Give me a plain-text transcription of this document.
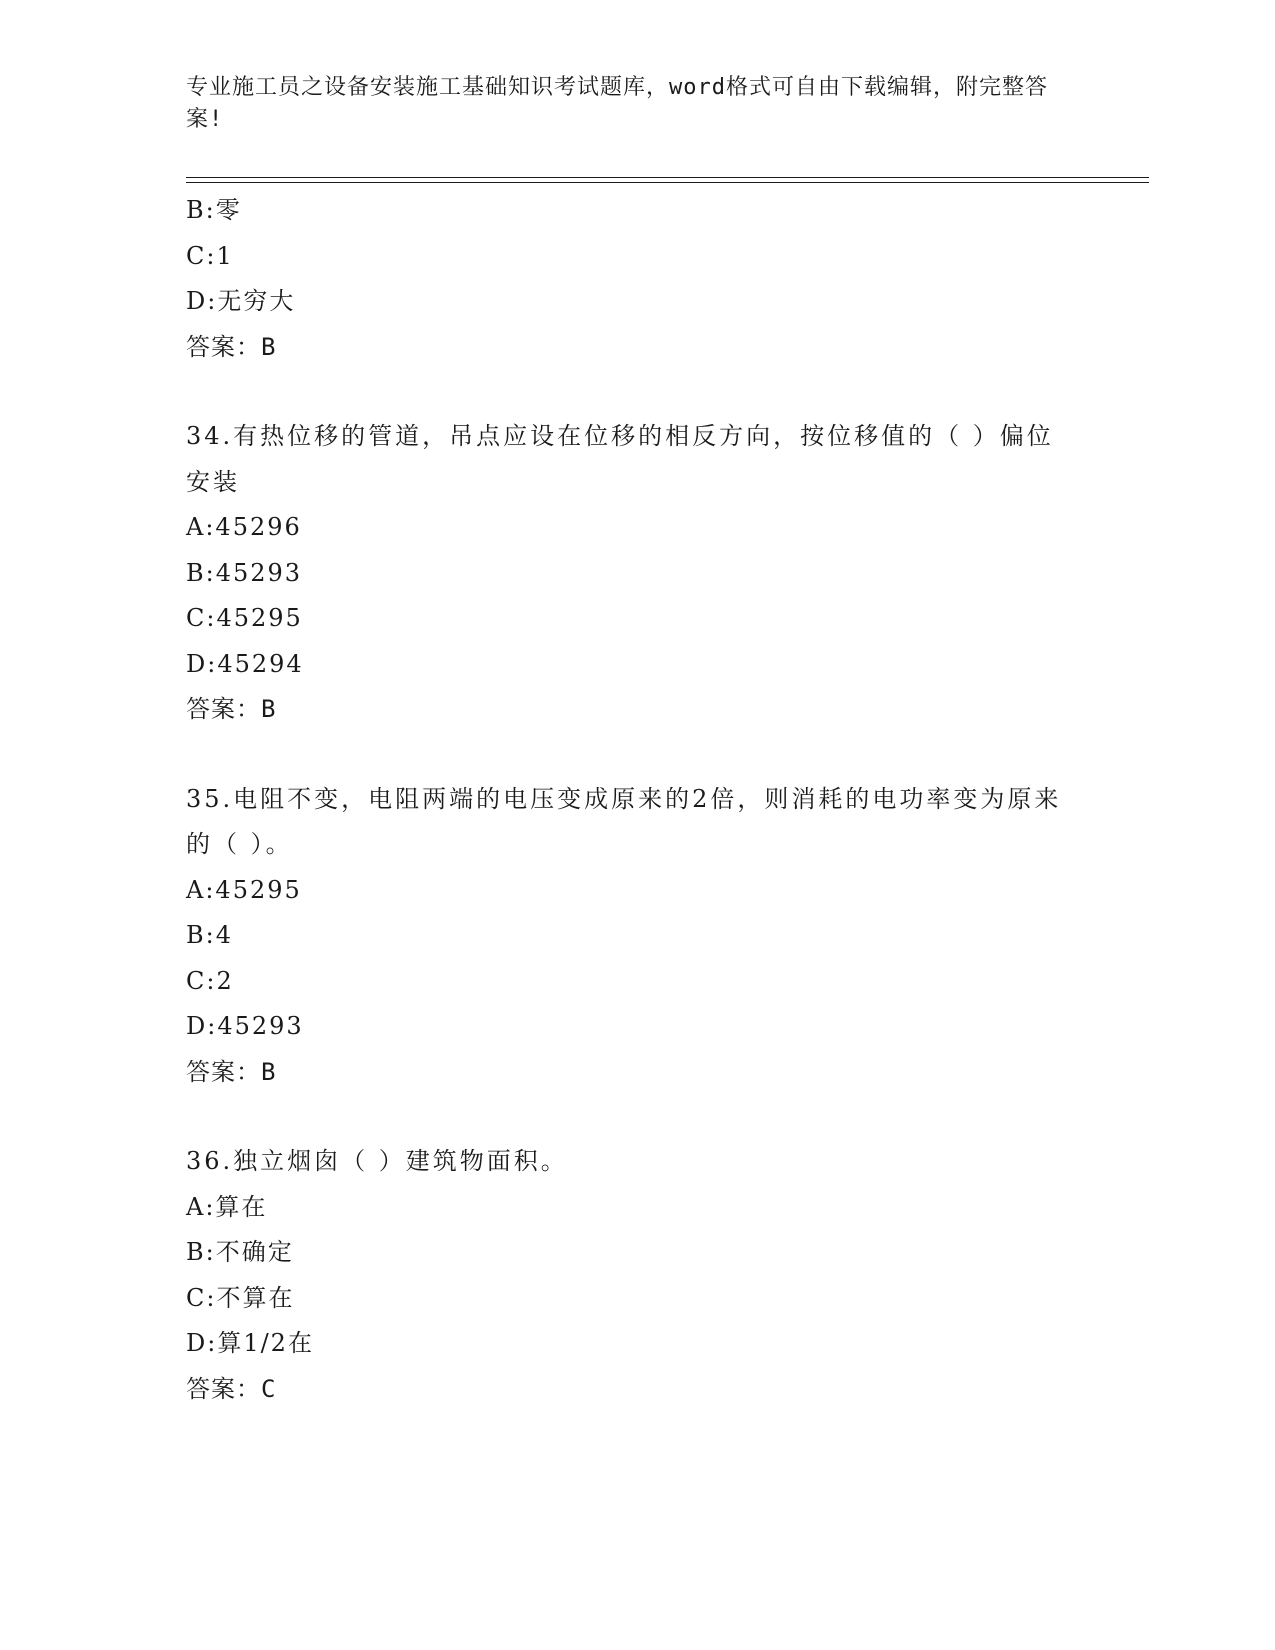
专业施工员之设备安装施工基础知识考试题库，word格式可自由下载编辑，附完整答案!
B:零
C:1
D:无穷大
答案：B
34.有热位移的管道，吊点应设在位移的相反方向，按位移值的（ ）偏位安装
A:45296
B:45293
C:45295
D:45294
答案：B
35.电阻不变，电阻两端的电压变成原来的2倍，则消耗的电功率变为原来的（ ）。
A:45295
B:4
C:2
D:45293
答案：B
36.独立烟囱（ ）建筑物面积。
A:算在
B:不确定
C:不算在
D:算1/2在
答案：C
